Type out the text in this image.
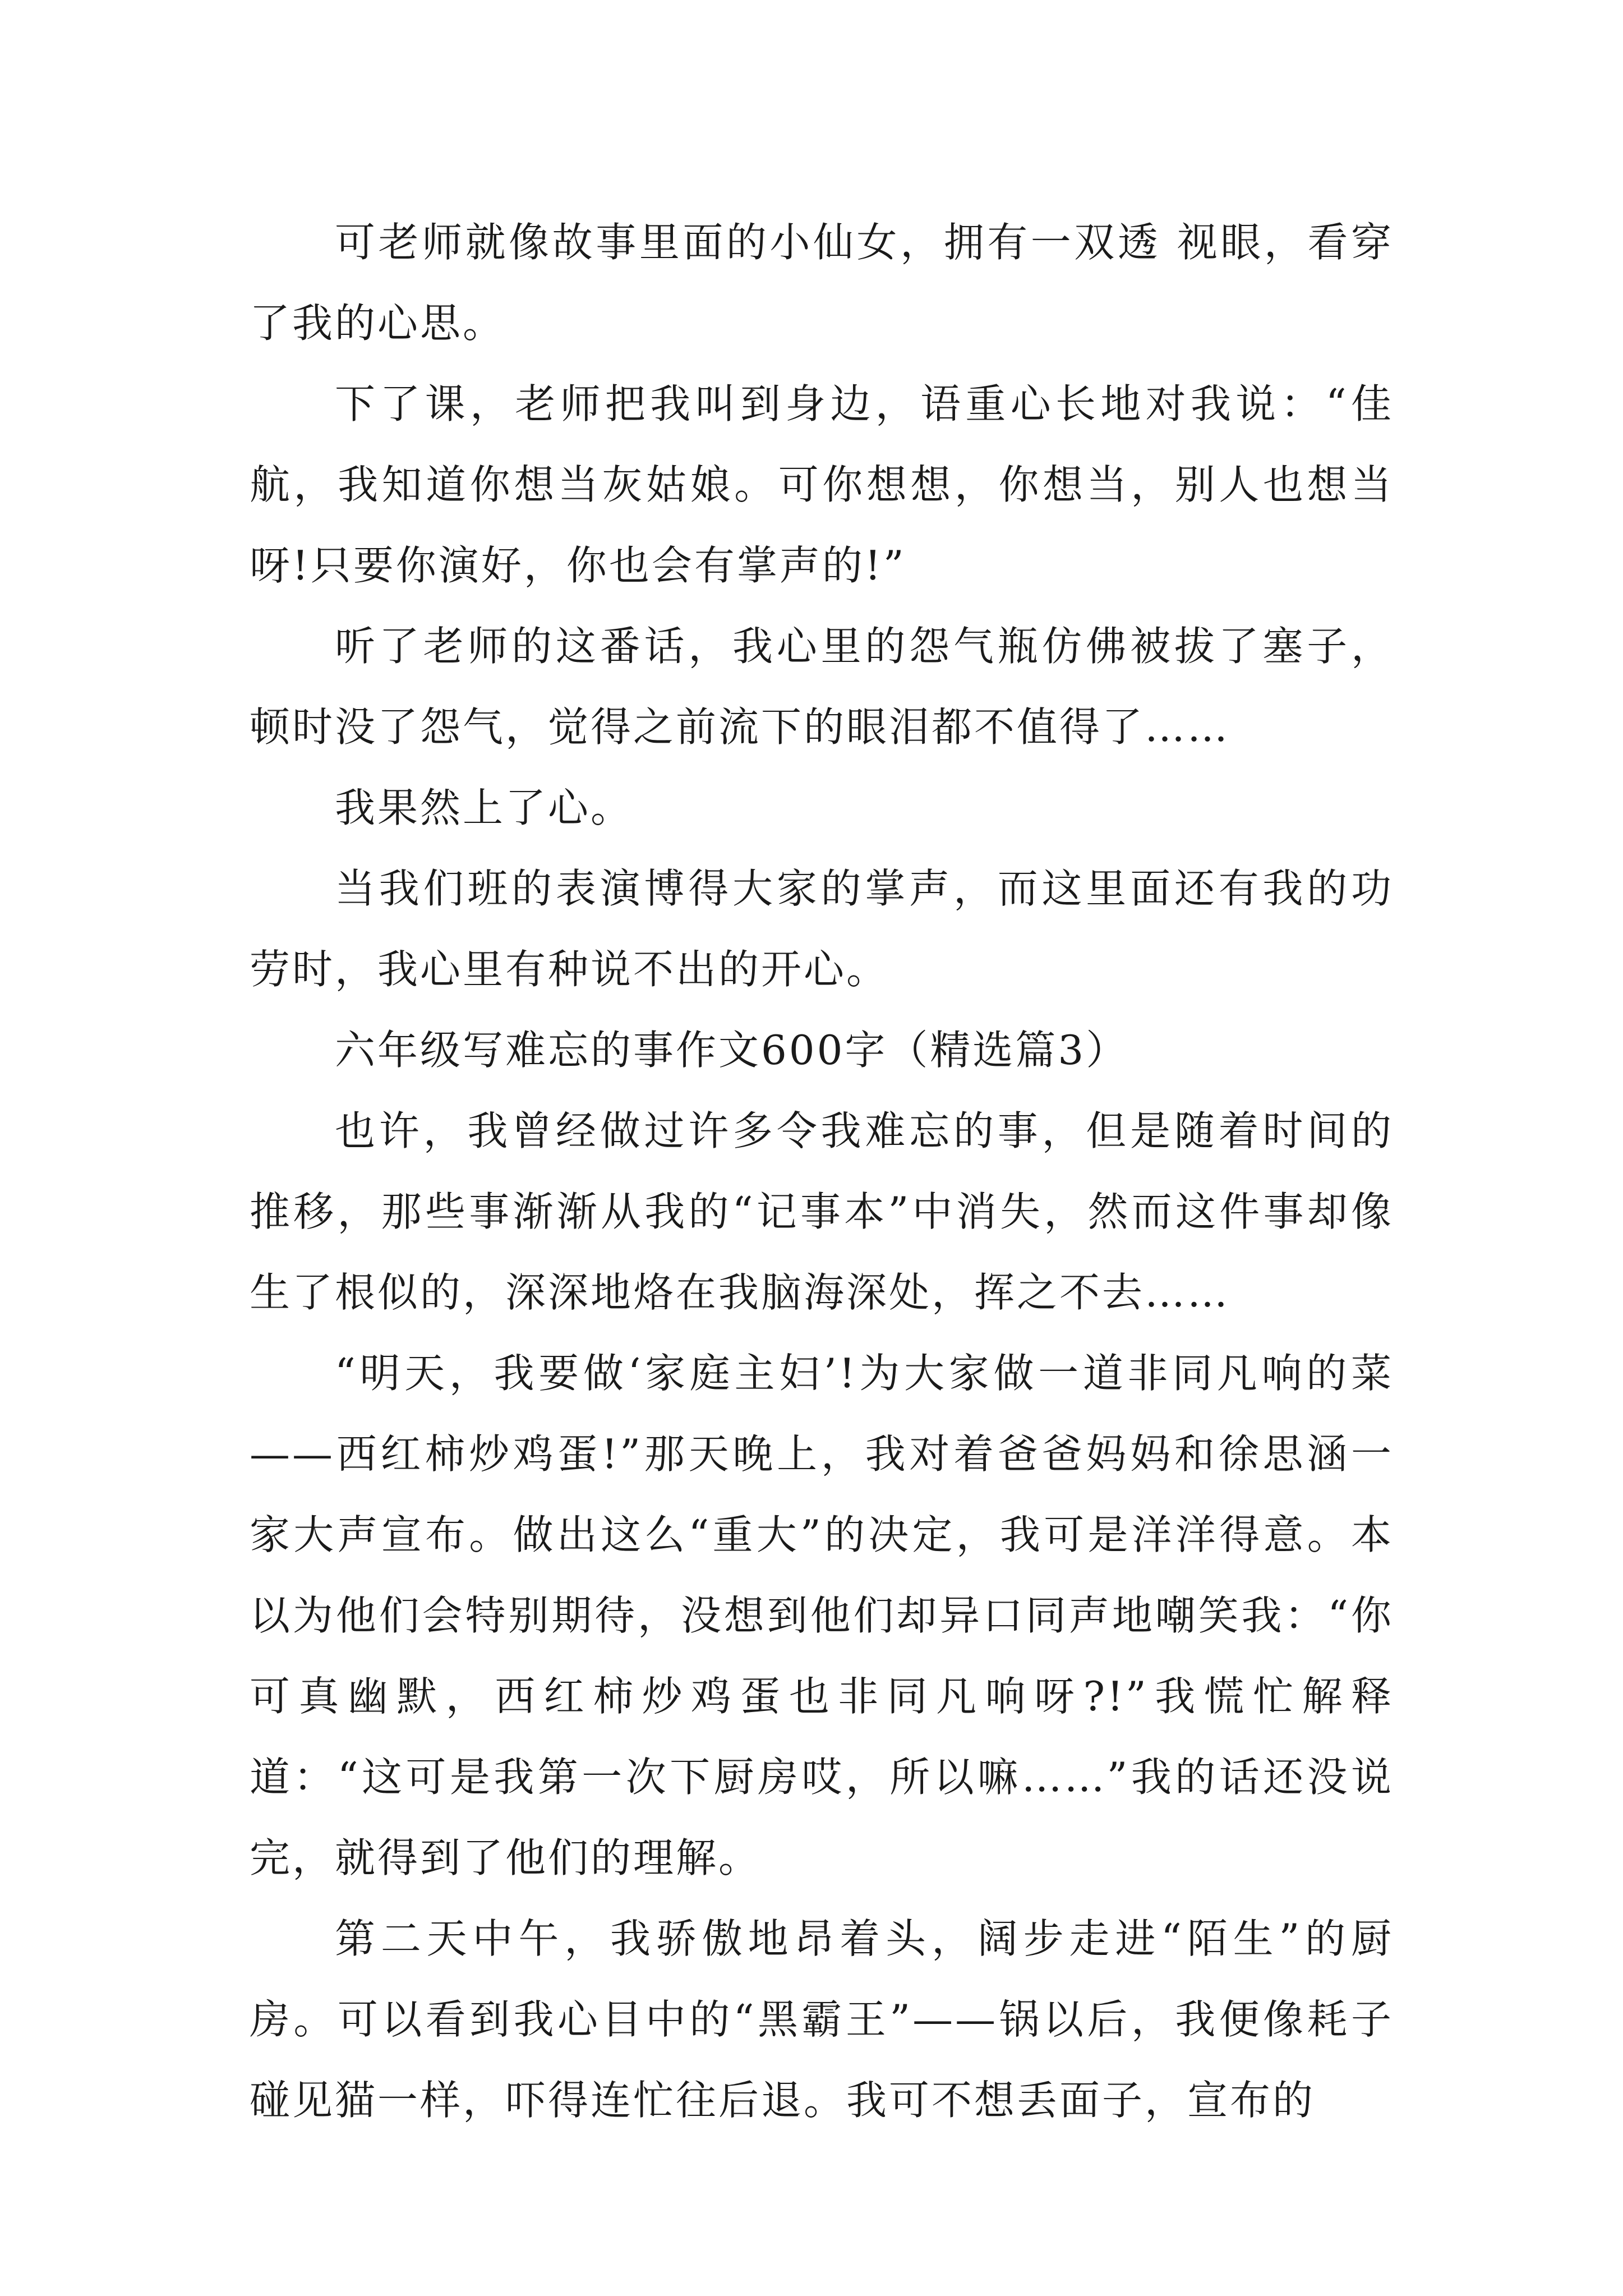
可老师就像故事里面的小仙女，拥有一双透 视眼，看穿了我的心思。

下了课，老师把我叫到身边，语重心长地对我说：“佳航，我知道你想当灰姑娘。可你想想，你想当，别人也想当呀!只要你演好，你也会有掌声的!”

听了老师的这番话，我心里的怨气瓶仿佛被拔了塞子，顿时没了怨气，觉得之前流下的眼泪都不值得了……

我果然上了心。

当我们班的表演博得大家的掌声，而这里面还有我的功劳时，我心里有种说不出的开心。

六年级写难忘的事作文600字（精选篇3）

也许，我曾经做过许多令我难忘的事，但是随着时间的推移，那些事渐渐从我的“记事本”中消失，然而这件事却像生了根似的，深深地烙在我脑海深处，挥之不去……

“明天，我要做‘家庭主妇’!为大家做一道非同凡响的菜——西红柿炒鸡蛋!”那天晚上，我对着爸爸妈妈和徐思涵一家大声宣布。做出这么“重大”的决定，我可是洋洋得意。本以为他们会特别期待，没想到他们却异口同声地嘲笑我：“你可真幽默，西红柿炒鸡蛋也非同凡响呀?!”我慌忙解释道：“这可是我第一次下厨房哎，所以嘛……”我的话还没说完，就得到了他们的理解。

第二天中午，我骄傲地昂着头，阔步走进“陌生”的厨房。可以看到我心目中的“黑霸王”——锅以后，我便像耗子碰见猫一样，吓得连忙往后退。我可不想丢面子，宣布的
